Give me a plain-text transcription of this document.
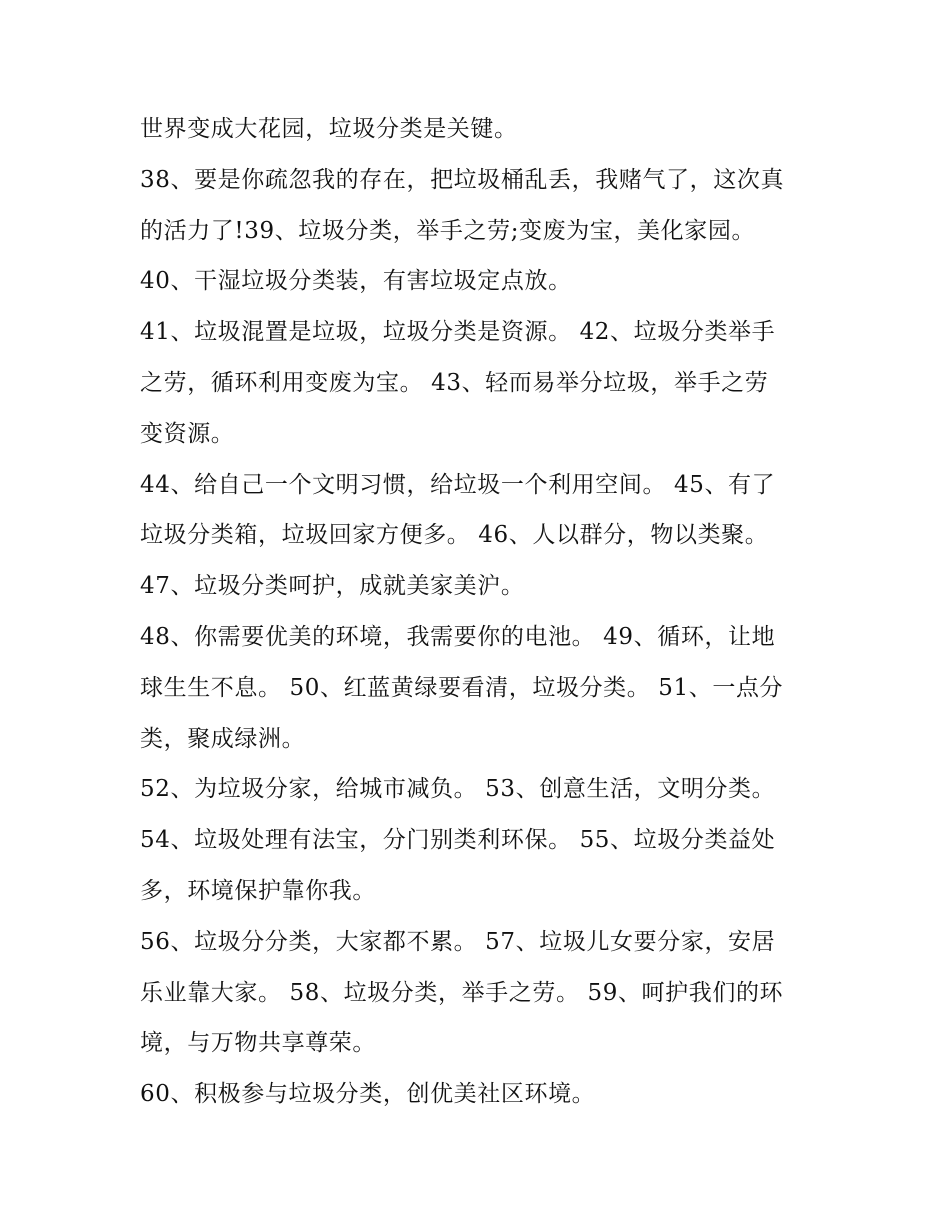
世界变成大花园，垃圾分类是关键。
38、要是你疏忽我的存在，把垃圾桶乱丢，我赌气了，这次真
的活力了!39、垃圾分类，举手之劳;变废为宝，美化家园。
40、干湿垃圾分类装，有害垃圾定点放。
41、垃圾混置是垃圾，垃圾分类是资源。 42、垃圾分类举手
之劳，循环利用变废为宝。 43、轻而易举分垃圾，举手之劳
变资源。
44、给自己一个文明习惯，给垃圾一个利用空间。 45、有了
垃圾分类箱，垃圾回家方便多。 46、人以群分，物以类聚。
47、垃圾分类呵护，成就美家美沪。
48、你需要优美的环境，我需要你的电池。 49、循环，让地
球生生不息。 50、红蓝黄绿要看清，垃圾分类。 51、一点分
类，聚成绿洲。
52、为垃圾分家，给城市减负。 53、创意生活，文明分类。
54、垃圾处理有法宝，分门别类利环保。 55、垃圾分类益处
多，环境保护靠你我。
56、垃圾分分类，大家都不累。 57、垃圾儿女要分家，安居
乐业靠大家。 58、垃圾分类，举手之劳。 59、呵护我们的环
境，与万物共享尊荣。
60、积极参与垃圾分类，创优美社区环境。
